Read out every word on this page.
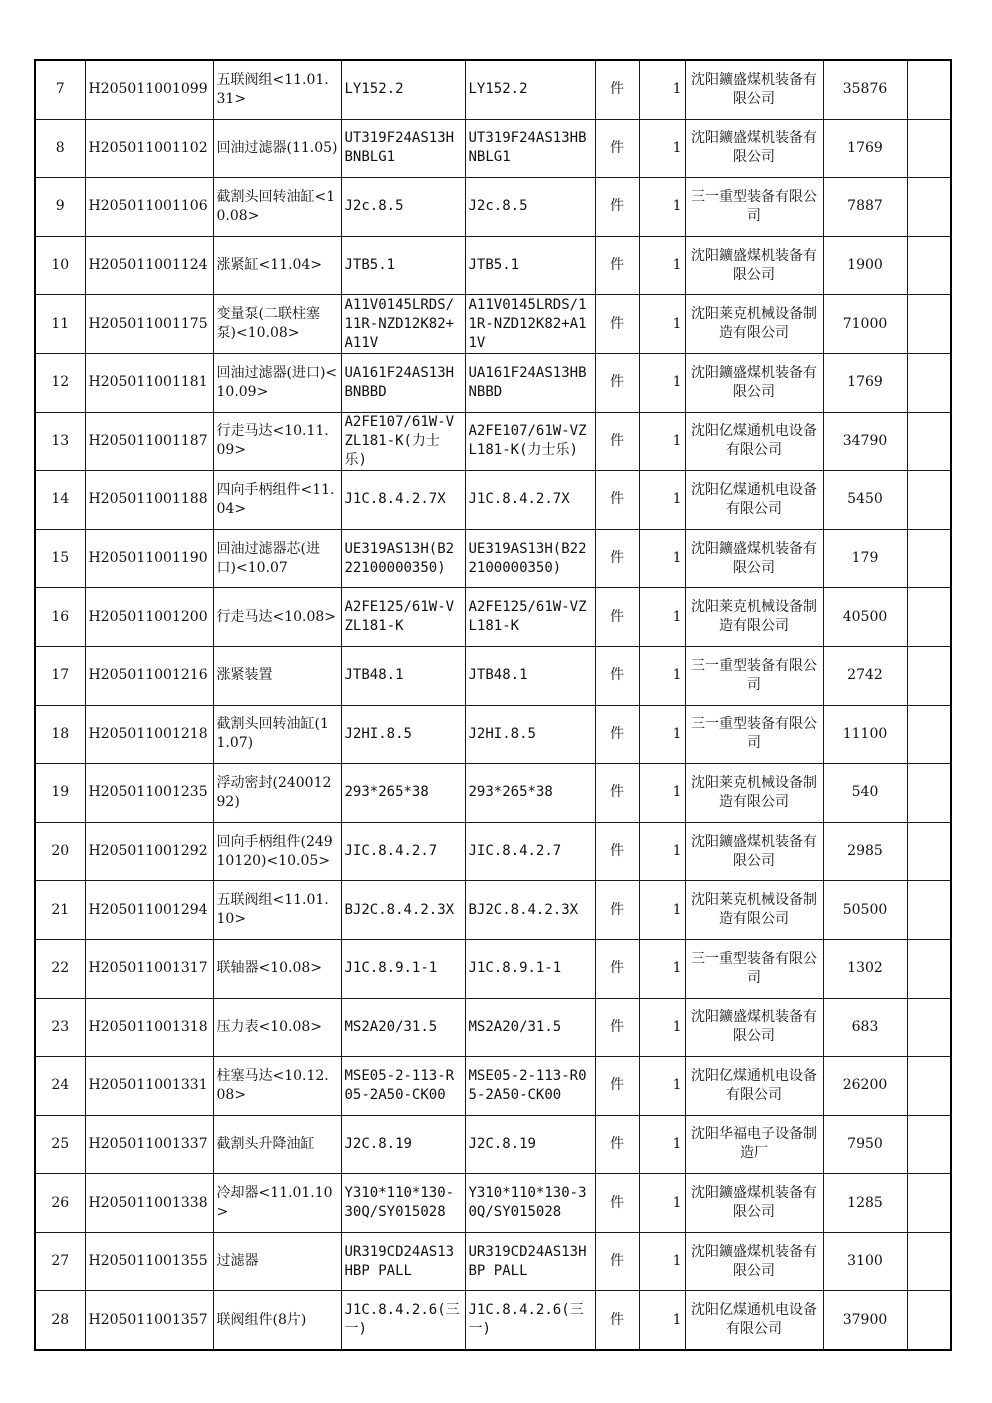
7	H205011001099	五联阀组<11.01.31>	LY152.2	LY152.2	件	1	沈阳鑛盛煤机装备有限公司	35876	
8	H205011001102	回油过滤器(11.05)	UT319F24AS13HBNBLG1	UT319F24AS13HBNBLG1	件	1	沈阳鑛盛煤机装备有限公司	1769	
9	H205011001106	截割头回转油缸<10.08>	J2c.8.5	J2c.8.5	件	1	三一重型装备有限公司	7887	
10	H205011001124	涨紧缸<11.04>	JTB5.1	JTB5.1	件	1	沈阳鑛盛煤机装备有限公司	1900	
11	H205011001175	变量泵(二联柱塞泵)<10.08>	A11V0145LRDS/11R-NZD12K82+A11V	A11V0145LRDS/11R-NZD12K82+A11V	件	1	沈阳莱克机械设备制造有限公司	71000	
12	H205011001181	回油过滤器(进口)<10.09>	UA161F24AS13HBNBBD	UA161F24AS13HBNBBD	件	1	沈阳鑛盛煤机装备有限公司	1769	
13	H205011001187	行走马达<10.11.09>	A2FE107/61W-VZL181-K(力士乐)	A2FE107/61W-VZL181-K(力士乐)	件	1	沈阳亿煤通机电设备有限公司	34790	
14	H205011001188	四向手柄组件<11.04>	J1C.8.4.2.7X	J1C.8.4.2.7X	件	1	沈阳亿煤通机电设备有限公司	5450	
15	H205011001190	回油过滤器芯(进口)<10.07	UE319AS13H(B222100000350)	UE319AS13H(B222100000350)	件	1	沈阳鑛盛煤机装备有限公司	179	
16	H205011001200	行走马达<10.08>	A2FE125/61W-VZL181-K	A2FE125/61W-VZL181-K	件	1	沈阳莱克机械设备制造有限公司	40500	
17	H205011001216	涨紧装置	JTB48.1	JTB48.1	件	1	三一重型装备有限公司	2742	
18	H205011001218	截割头回转油缸(11.07)	J2HI.8.5	J2HI.8.5	件	1	三一重型装备有限公司	11100	
19	H205011001235	浮动密封(24001292)	293*265*38	293*265*38	件	1	沈阳莱克机械设备制造有限公司	540	
20	H205011001292	回向手柄组件(24910120)<10.05>	JIC.8.4.2.7	JIC.8.4.2.7	件	1	沈阳鑛盛煤机装备有限公司	2985	
21	H205011001294	五联阀组<11.01.10>	BJ2C.8.4.2.3X	BJ2C.8.4.2.3X	件	1	沈阳莱克机械设备制造有限公司	50500	
22	H205011001317	联轴器<10.08>	J1C.8.9.1-1	J1C.8.9.1-1	件	1	三一重型装备有限公司	1302	
23	H205011001318	压力表<10.08>	MS2A20/31.5	MS2A20/31.5	件	1	沈阳鑛盛煤机装备有限公司	683	
24	H205011001331	柱塞马达<10.12.08>	MSE05-2-113-R05-2A50-CK00	MSE05-2-113-R05-2A50-CK00	件	1	沈阳亿煤通机电设备有限公司	26200	
25	H205011001337	截割头升降油缸	J2C.8.19	J2C.8.19	件	1	沈阳华福电子设备制造厂	7950	
26	H205011001338	冷却器<11.01.10>	Y310*110*130-30Q/SY015028	Y310*110*130-30Q/SY015028	件	1	沈阳鑛盛煤机装备有限公司	1285	
27	H205011001355	过滤器	UR319CD24AS13HBP PALL	UR319CD24AS13HBP PALL	件	1	沈阳鑛盛煤机装备有限公司	3100	
28	H205011001357	联阀组件(8片)	J1C.8.4.2.6(三一)	J1C.8.4.2.6(三一)	件	1	沈阳亿煤通机电设备有限公司	37900	
